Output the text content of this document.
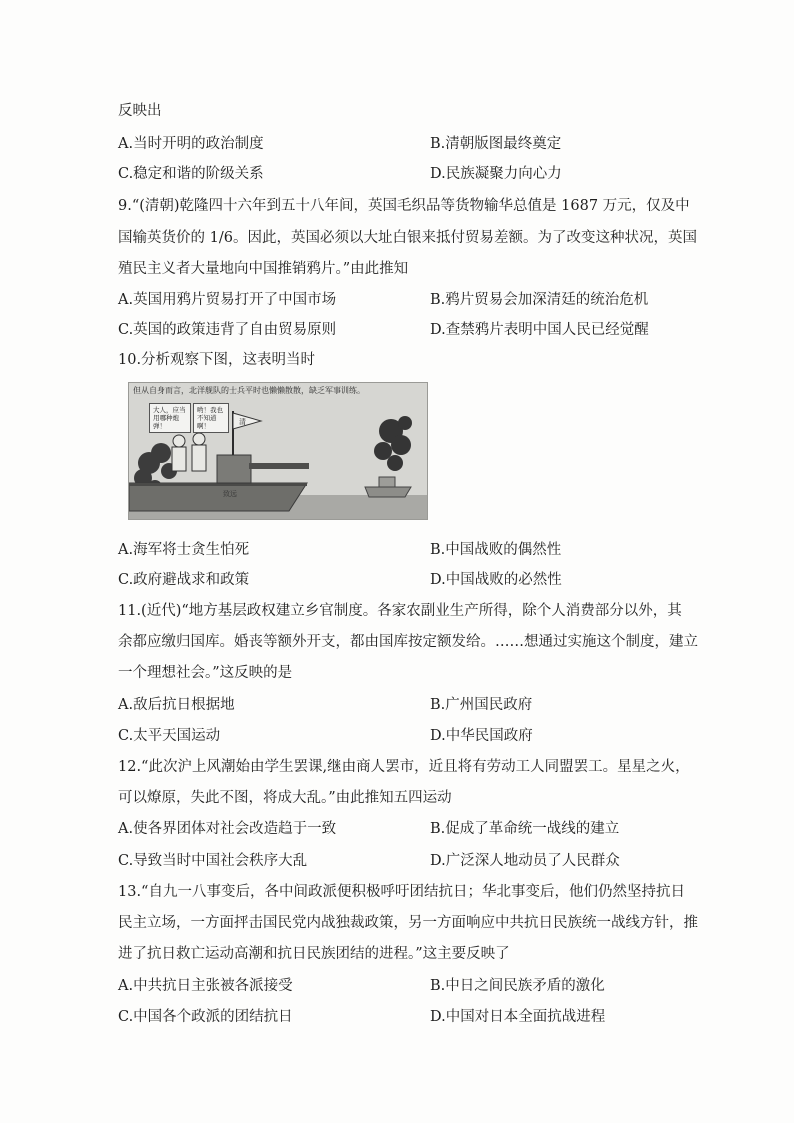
反映出
A.当时开明的政治制度	B.清朝版图最终奠定
C.稳定和谐的阶级关系	D.民族凝聚力向心力
9.“(清朝)乾隆四十六年到五十八年间，英国毛织品等货物输华总值是 1687 万元，仅及中
国输英货价的 1/6。因此，英国必须以大址白银来抵付贸易差额。为了改变这种状况，英国
殖民主义者大量地向中国推销鸦片。”由此推知
A.英国用鸦片贸易打开了中国市场	B.鸦片贸易会加深清廷的统治危机
C.英国的政策违背了自由贸易原则	D.查禁鸦片表明中国人民已经觉醒
10.分析观察下图，这表明当时
但从自身而言，北洋舰队的士兵平时也懒懒散散，缺乏军事训练。
大人，应当用哪种炮弹！
哟！我也不知道啊！	清
致远
A.海军将士贪生怕死	B.中国战败的偶然性
C.政府避战求和政策	D.中国战败的必然性
11.(近代)“地方基层政权建立乡官制度。各家农副业生产所得，除个人消费部分以外，其
余都应缴归国库。婚丧等额外开支，都由国库按定额发给。……想通过实施这个制度，建立
一个理想社会。”这反映的是
A.敌后抗日根据地	B.广州国民政府
C.太平天国运动	D.中华民国政府
12.“此次沪上风潮始由学生罢课,继由商人罢市，近且将有劳动工人同盟罢工。星星之火，
可以燎原，失此不图，将成大乱。”由此推知五四运动
A.使各界团体对社会改造趋于一致	B.促成了革命统一战线的建立
C.导致当时中国社会秩序大乱	D.广泛深人地动员了人民群众
13.“自九一八事变后，各中间政派便积极呼吁团结抗日；华北事变后，他们仍然坚持抗日
民主立场，一方面抨击国民党内战独裁政策，另一方面响应中共抗日民族统一战线方针，推
进了抗日救亡运动高潮和抗日民族团结的进程。”这主要反映了
A.中共抗日主张被各派接受	B.中日之间民族矛盾的激化
C.中国各个政派的团结抗日	D.中国对日本全面抗战进程
